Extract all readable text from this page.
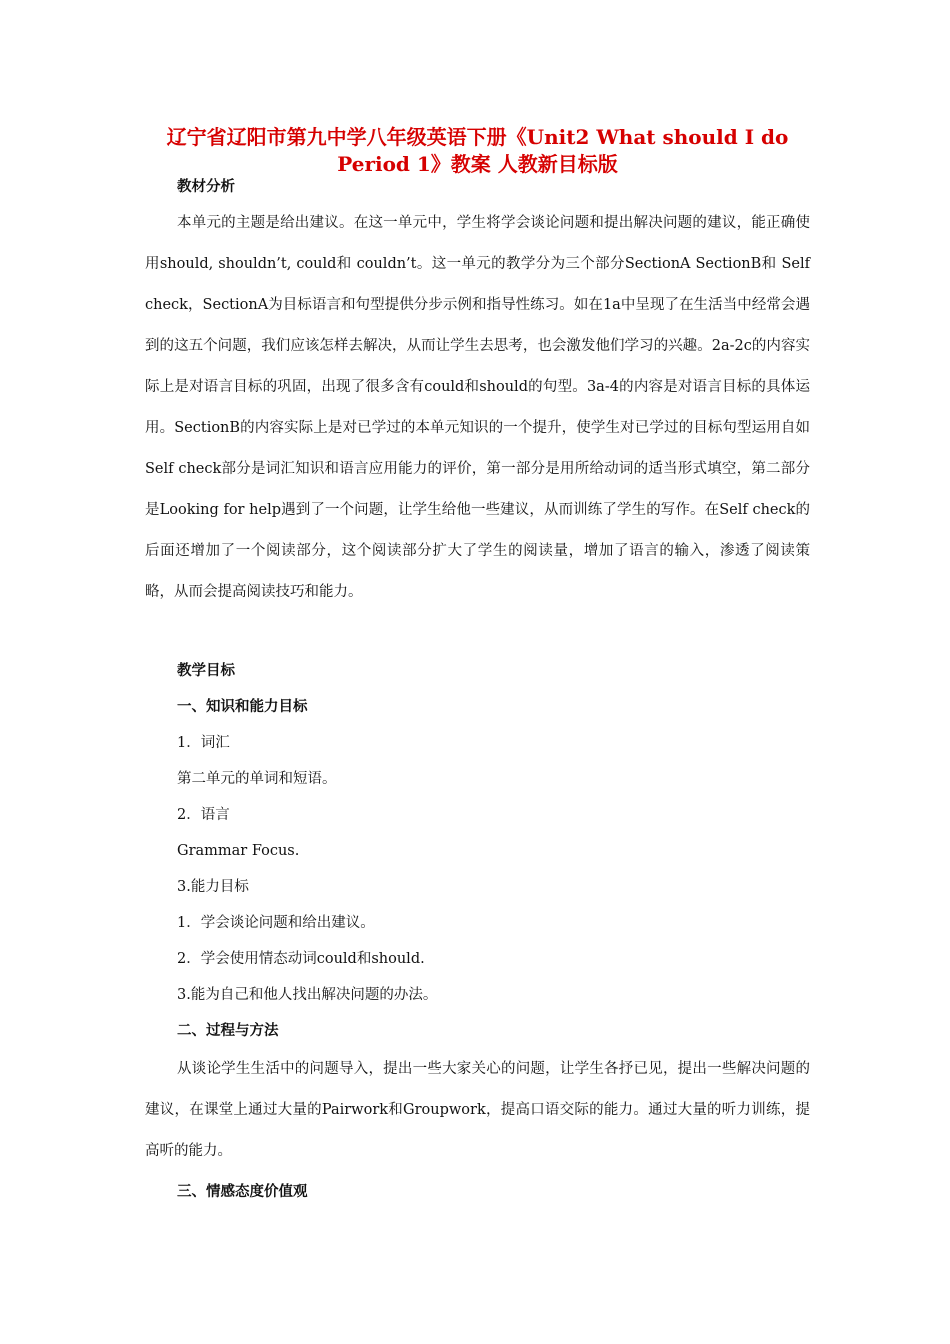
辽宁省辽阳市第九中学八年级英语下册《Unit2 What should I do Period 1》教案 人教新目标版
教材分析

本单元的主题是给出建议。在这一单元中，学生将学会谈论问题和提出解决问题的建议，能正确使用should, shouldn’t, could和 couldn’t。这一单元的教学分为三个部分SectionA SectionB和 Self check，SectionA为目标语言和句型提供分步示例和指导性练习。如在1a中呈现了在生活当中经常会遇到的这五个问题，我们应该怎样去解决，从而让学生去思考，也会激发他们学习的兴趣。2a-2c的内容实际上是对语言目标的巩固，出现了很多含有could和should的句型。3a-4的内容是对语言目标的具体运用。SectionB的内容实际上是对已学过的本单元知识的一个提升，使学生对已学过的目标句型运用自如Self check部分是词汇知识和语言应用能力的评价，第一部分是用所给动词的适当形式填空，第二部分是Looking for help遇到了一个问题，让学生给他一些建议，从而训练了学生的写作。在Self check的后面还增加了一个阅读部分，这个阅读部分扩大了学生的阅读量，增加了语言的输入，渗透了阅读策略，从而会提高阅读技巧和能力。

教学目标
一、知识和能力目标
1．词汇
第二单元的单词和短语。
2．语言
Grammar Focus.
3.能力目标
1．学会谈论问题和给出建议。
2．学会使用情态动词could和should.
3.能为自己和他人找出解决问题的办法。
二、过程与方法

从谈论学生生活中的问题导入，提出一些大家关心的问题，让学生各抒已见，提出一些解决问题的建议，在课堂上通过大量的Pairwork和Groupwork，提高口语交际的能力。通过大量的听力训练，提高听的能力。

三、情感态度价值观
